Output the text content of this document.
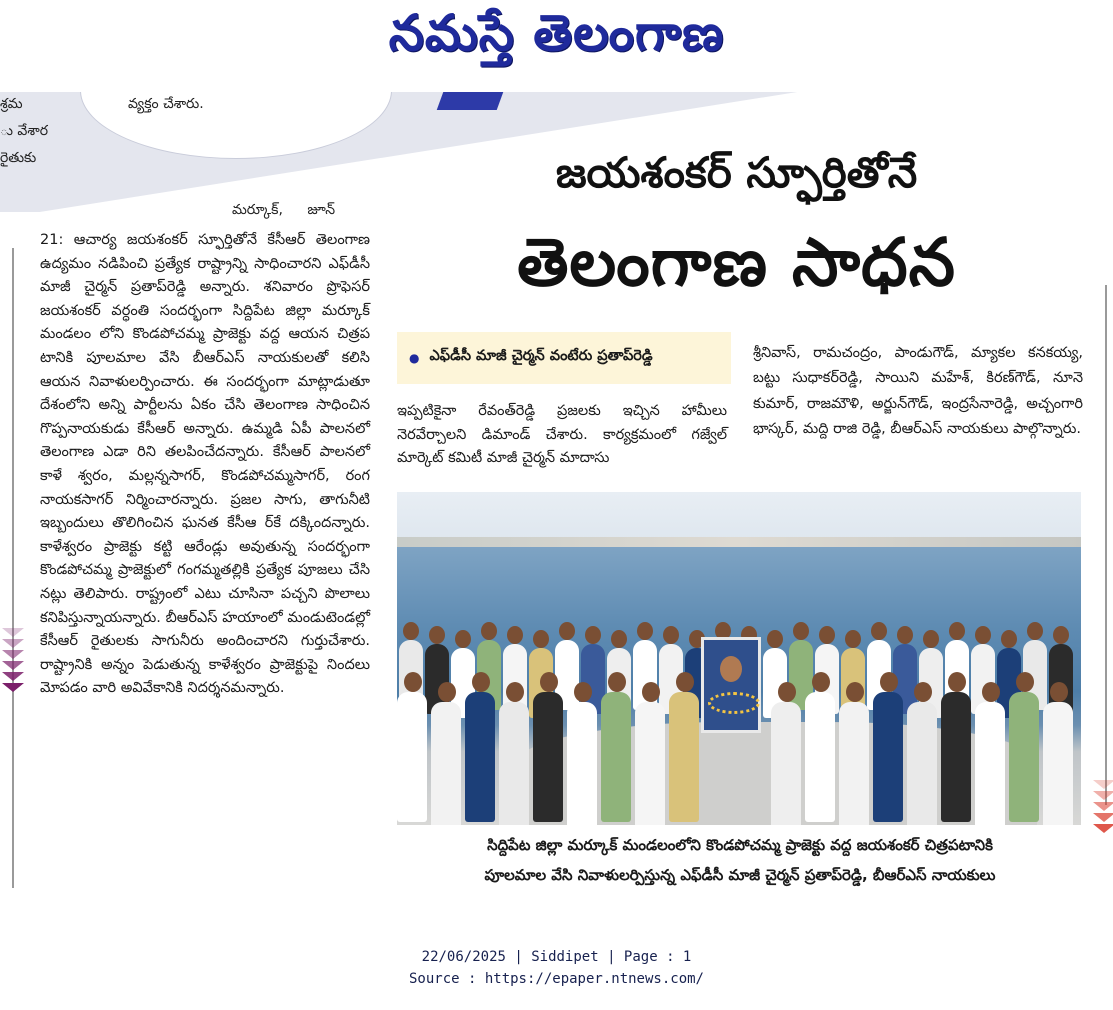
నమస్తే తెలంగాణ
శ్రమ	వ్యక్తం చేశారు.
ు వేశార
రైతుకు	జయశంకర్ స్ఫూర్తితోనే
తెలంగాణ సాధన
మర్కూక్, జూన్

21: ఆచార్య జయశంకర్ స్ఫూర్తితోనే కేసీఆర్ తెలంగాణ ఉద్యమం నడిపించి ప్రత్యేక రాష్ట్రాన్ని సాధించారని ఎఫ్‌డీసీ మాజీ చైర్మన్ ప్రతాప్‌రెడ్డి అన్నారు. శనివారం ప్రొఫెసర్ జయశంకర్ వర్ధంతి సందర్భంగా సిద్దిపేట జిల్లా మర్కూక్ మండలం లోని కొండపోచమ్మ ప్రాజెక్టు వద్ద ఆయన చిత్రప టానికి పూలమాల వేసి బీఆర్‌ఎస్ నాయకులతో కలిసి ఆయన నివాళులర్పించారు. ఈ సందర్భంగా మాట్లాడుతూ దేశంలోని అన్ని పార్టీలను ఏకం చేసి తెలంగాణ సాధించిన గొప్పనాయకుడు కేసీఆర్ అన్నారు. ఉమ్మడి ఏపీ పాలనలో తెలంగాణ ఎడా రిని తలపించేదన్నారు. కేసీఆర్ పాలనలో కాళే శ్వరం, మల్లన్నసాగర్, కొండపోచమ్మసాగర్, రంగ నాయకసాగర్ నిర్మించారన్నారు. ప్రజల సాగు, తాగునీటి ఇబ్బందులు తొలిగించిన ఘనత కేసీఆ ర్‌కే దక్కిందన్నారు. కాళేశ్వరం ప్రాజెక్టు కట్టి ఆరేండ్లు అవుతున్న సందర్భంగా కొండపోచమ్మ ప్రాజెక్టులో గంగమ్మతల్లికి ప్రత్యేక పూజలు చేసి నట్లు తెలిపారు. రాష్ట్రంలో ఎటు చూసినా పచ్చని పొలాలు కనిపిస్తున్నాయన్నారు. బీఆర్‌ఎస్ హయాంలో మండుటెండల్లో కేసీఆర్ రైతులకు సాగునీరు అందించారని గుర్తుచేశారు. రాష్ట్రానికి అన్నం పెడుతున్న కాళేశ్వరం ప్రాజెక్టుపై నిందలు మోపడం వారి అవివేకానికి నిదర్శనమన్నారు.

● ఎఫ్‌డీసీ మాజీ చైర్మన్ వంటేరు ప్రతాప్‌రెడ్డి
ఇప్పటికైనా రేవంత్‌రెడ్డి ప్రజలకు ఇచ్చిన హామీలు నెరవేర్చాలని డిమాండ్ చేశారు. కార్యక్రమంలో గజ్వేల్ మార్కెట్ కమిటీ మాజీ చైర్మన్ మాదాసు
శ్రీనివాస్, రామచంద్రం, పాండుగౌడ్, మ్యాకల కనకయ్య, బట్టు సుధాకర్‌రెడ్డి, సాయిని మహేశ్, కిరణ్‌గౌడ్, నూనె కుమార్, రాజమౌళి, అర్జున్‌గౌడ్, ఇంద్రసేనారెడ్డి, అచ్చంగారి భాస్కర్, మద్ది రాజి రెడ్డి, బీఆర్‌ఎస్ నాయకులు పాల్గొన్నారు.
సిద్దిపేట జిల్లా మర్కూక్ మండలంలోని కొండపోచమ్మ ప్రాజెక్టు వద్ద జయశంకర్ చిత్రపటానికి
పూలమాల వేసి నివాళులర్పిస్తున్న ఎఫ్‌డీసీ మాజీ చైర్మన్ ప్రతాప్‌రెడ్డి, బీఆర్‌ఎస్ నాయకులు
22/06/2025 | Siddipet | Page : 1
Source : https://epaper.ntnews.com/
